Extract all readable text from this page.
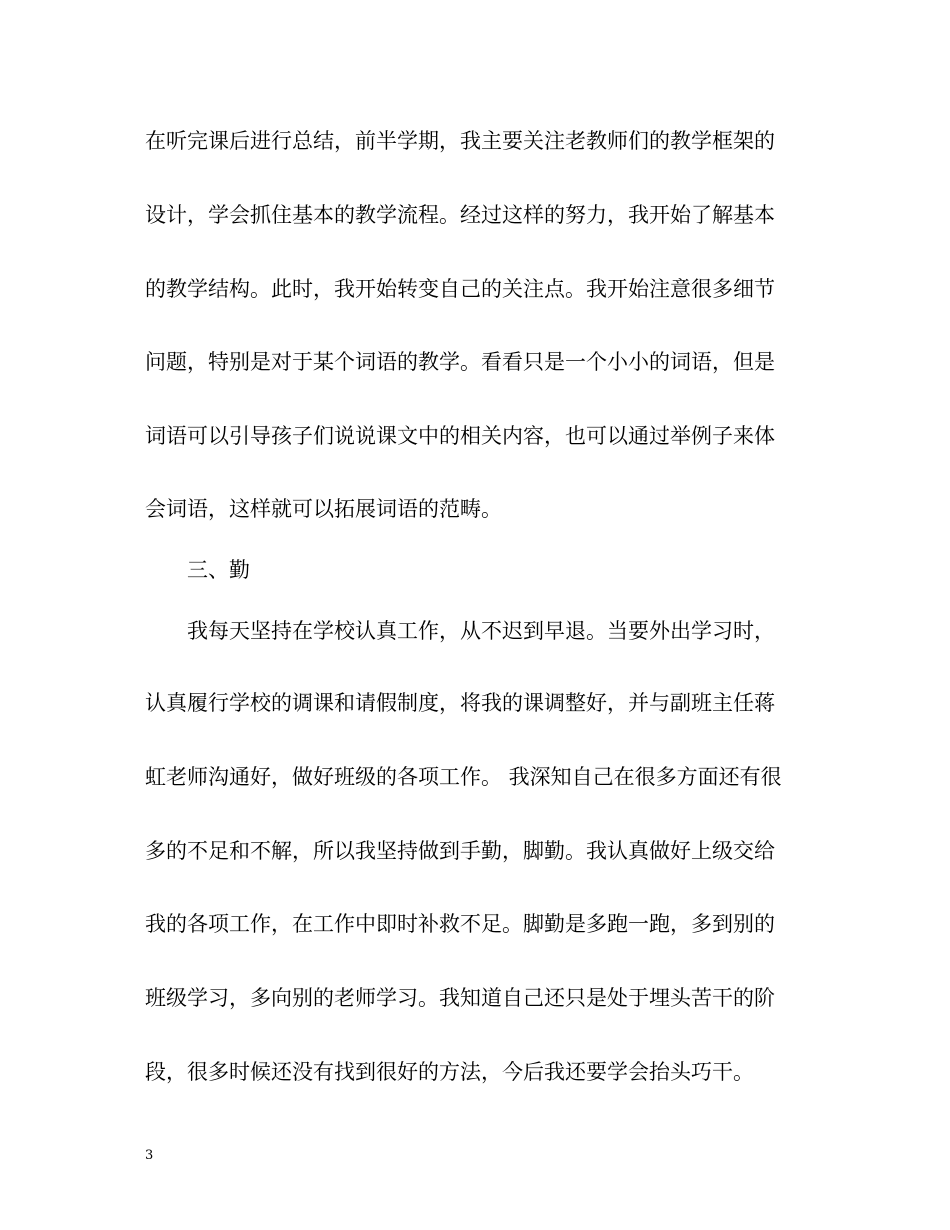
在听完课后进行总结，前半学期，我主要关注老教师们的教学框架的
设计，学会抓住基本的教学流程。经过这样的努力，我开始了解基本
的教学结构。此时，我开始转变自己的关注点。我开始注意很多细节
问题，特别是对于某个词语的教学。看看只是一个小小的词语，但是
词语可以引导孩子们说说课文中的相关内容，也可以通过举例子来体
会词语，这样就可以拓展词语的范畴。
三、勤
我每天坚持在学校认真工作，从不迟到早退。当要外出学习时，
认真履行学校的调课和请假制度，将我的课调整好，并与副班主任蒋
虹老师沟通好，做好班级的各项工作。 我深知自己在很多方面还有很
多的不足和不解，所以我坚持做到手勤，脚勤。我认真做好上级交给
我的各项工作，在工作中即时补救不足。脚勤是多跑一跑，多到别的
班级学习，多向别的老师学习。我知道自己还只是处于埋头苦干的阶
段，很多时候还没有找到很好的方法，今后我还要学会抬头巧干。
3
